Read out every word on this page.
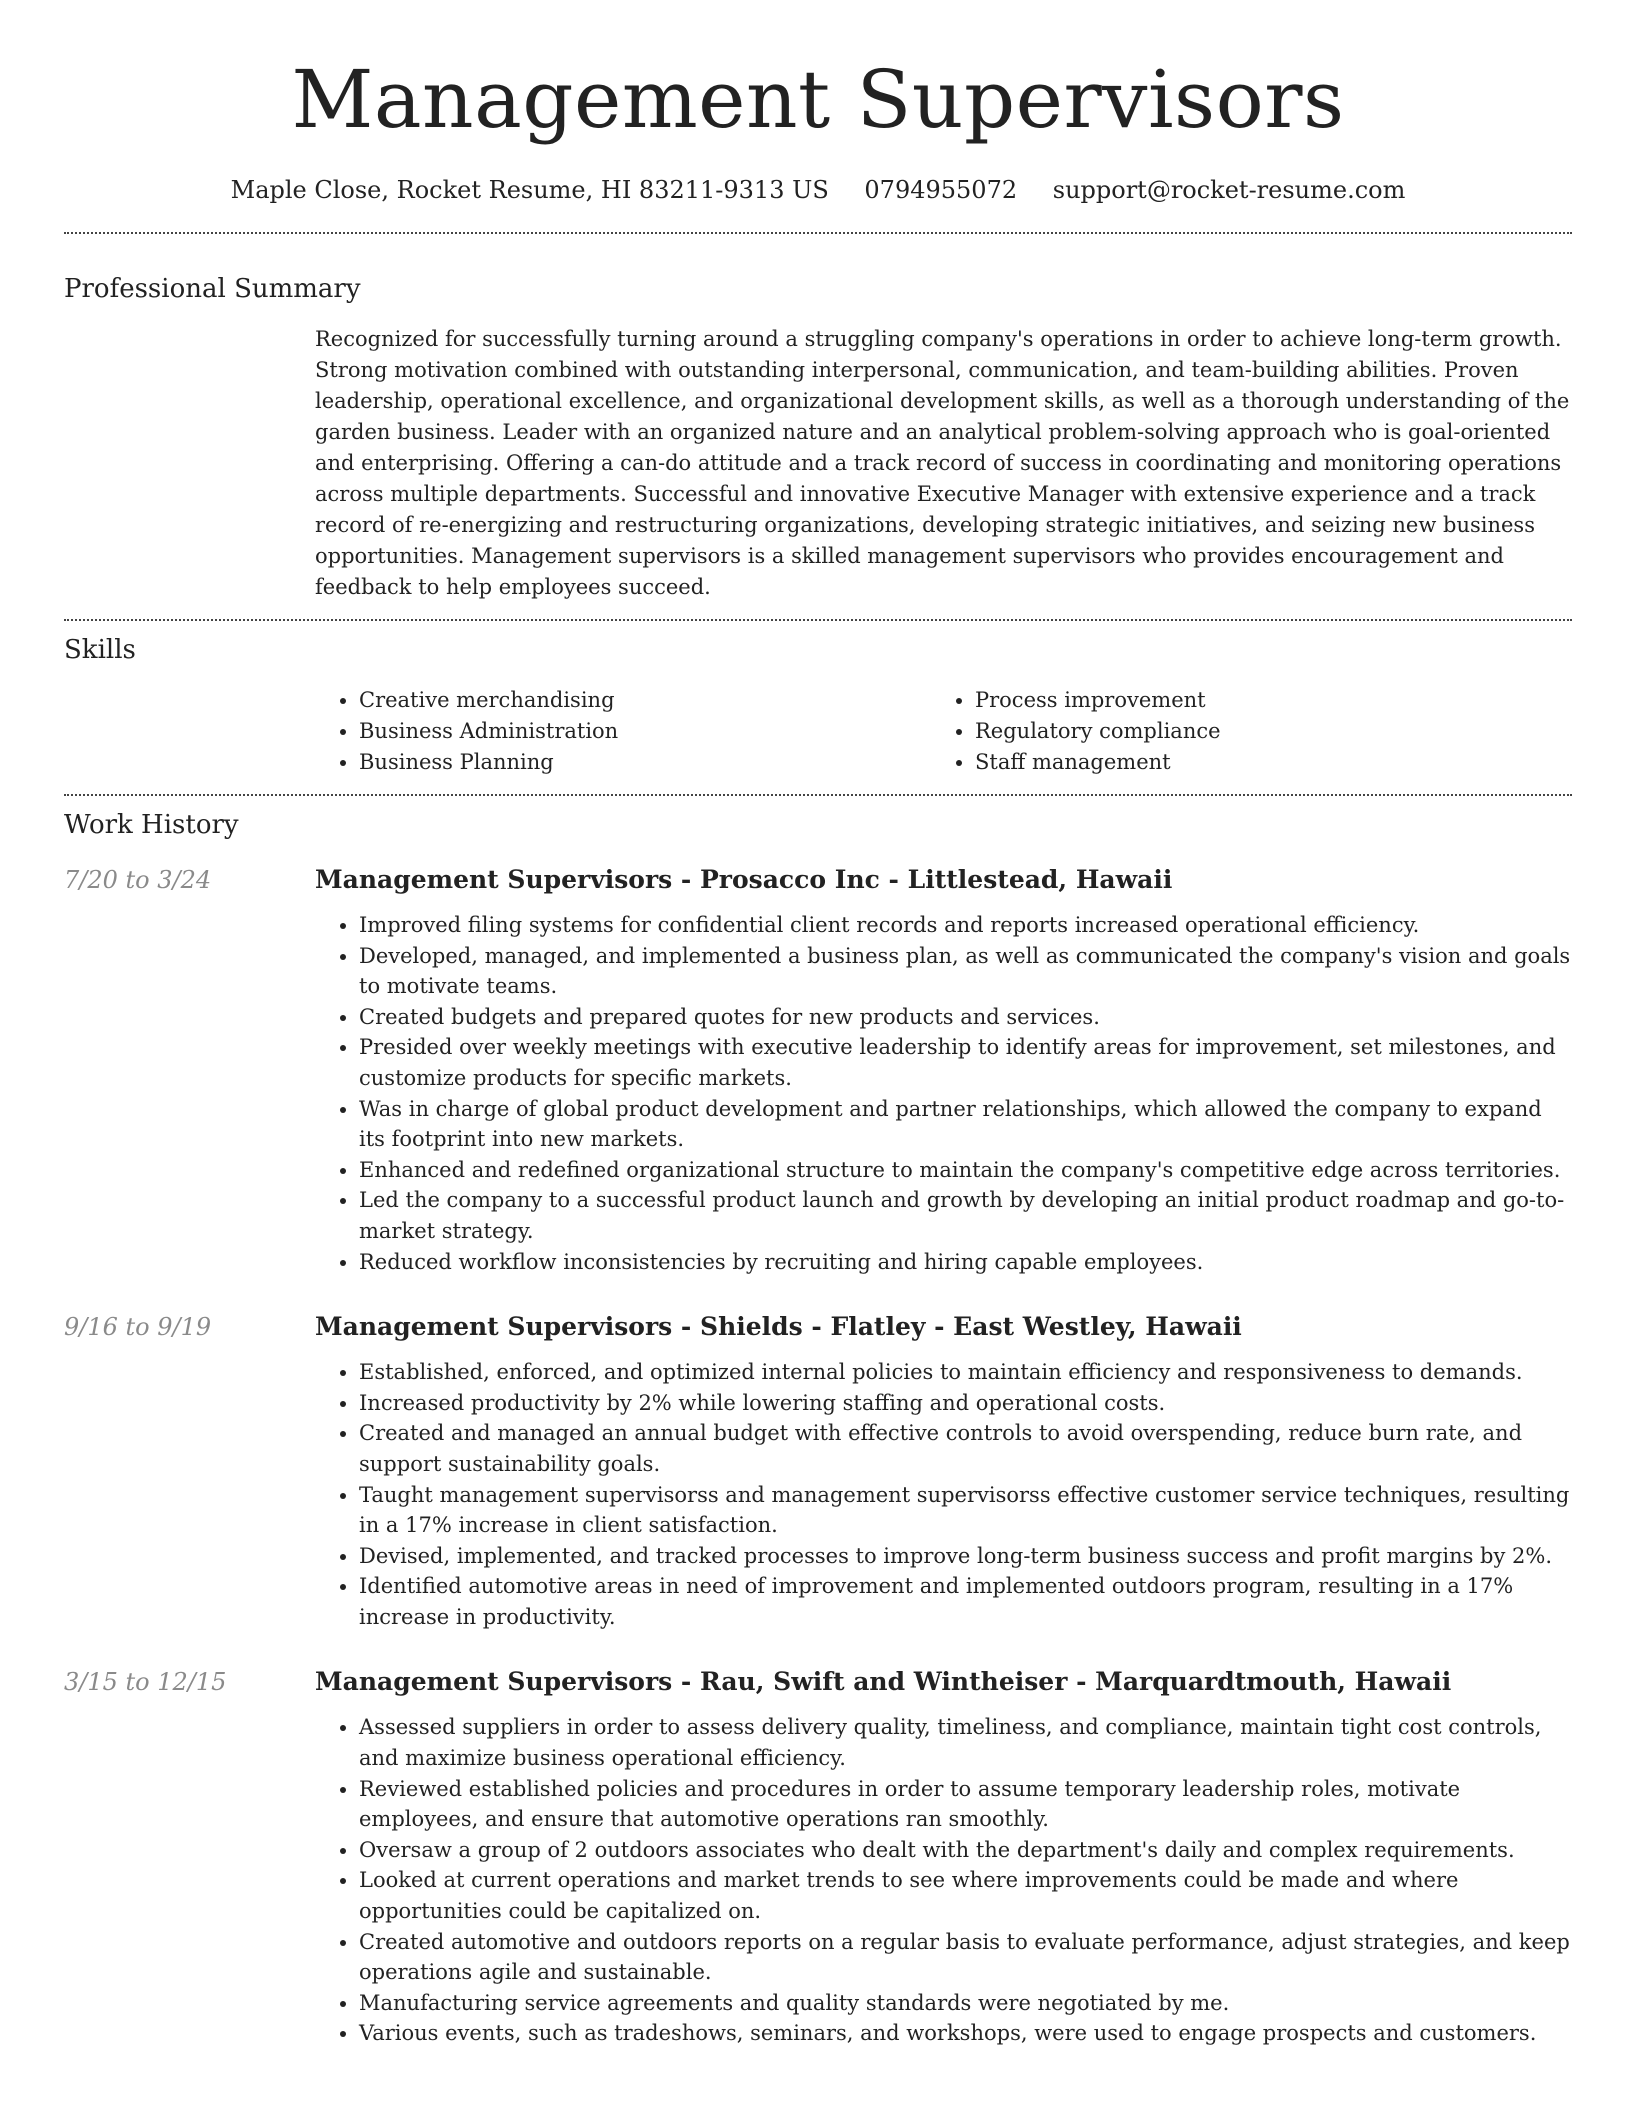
Management Supervisors
Maple Close, Rocket Resume, HI 83211-9313 US 0794955072 support@rocket-resume.com
Professional Summary
Recognized for successfully turning around a struggling company's operations in order to achieve long-term growth. Strong motivation combined with outstanding interpersonal, communication, and team-building abilities. Proven leadership, operational excellence, and organizational development skills, as well as a thorough understanding of the garden business. Leader with an organized nature and an analytical problem-solving approach who is goal-oriented and enterprising. Offering a can-do attitude and a track record of success in coordinating and monitoring operations across multiple departments. Successful and innovative Executive Manager with extensive experience and a track record of re-energizing and restructuring organizations, developing strategic initiatives, and seizing new business opportunities. Management supervisors is a skilled management supervisors who provides encouragement and feedback to help employees succeed.
Skills
• Creative merchandising
• Business Administration
• Business Planning
• Process improvement
• Regulatory compliance
• Staff management
Work History
7/20 to 3/24	Management Supervisors - Prosacco Inc - Littlestead, Hawaii
• Improved filing systems for confidential client records and reports increased operational efficiency.
• Developed, managed, and implemented a business plan, as well as communicated the company's vision and goals to motivate teams.
• Created budgets and prepared quotes for new products and services.
• Presided over weekly meetings with executive leadership to identify areas for improvement, set milestones, and customize products for specific markets.
• Was in charge of global product development and partner relationships, which allowed the company to expand its footprint into new markets.
• Enhanced and redefined organizational structure to maintain the company's competitive edge across territories.
• Led the company to a successful product launch and growth by developing an initial product roadmap and go-to-market strategy.
• Reduced workflow inconsistencies by recruiting and hiring capable employees.
9/16 to 9/19	Management Supervisors - Shields - Flatley - East Westley, Hawaii
• Established, enforced, and optimized internal policies to maintain efficiency and responsiveness to demands.
• Increased productivity by 2% while lowering staffing and operational costs.
• Created and managed an annual budget with effective controls to avoid overspending, reduce burn rate, and support sustainability goals.
• Taught management supervisorss and management supervisorss effective customer service techniques, resulting in a 17% increase in client satisfaction.
• Devised, implemented, and tracked processes to improve long-term business success and profit margins by 2%.
• Identified automotive areas in need of improvement and implemented outdoors program, resulting in a 17% increase in productivity.
3/15 to 12/15	Management Supervisors - Rau, Swift and Wintheiser - Marquardtmouth, Hawaii
• Assessed suppliers in order to assess delivery quality, timeliness, and compliance, maintain tight cost controls, and maximize business operational efficiency.
• Reviewed established policies and procedures in order to assume temporary leadership roles, motivate employees, and ensure that automotive operations ran smoothly.
• Oversaw a group of 2 outdoors associates who dealt with the department's daily and complex requirements.
• Looked at current operations and market trends to see where improvements could be made and where opportunities could be capitalized on.
• Created automotive and outdoors reports on a regular basis to evaluate performance, adjust strategies, and keep operations agile and sustainable.
• Manufacturing service agreements and quality standards were negotiated by me.
• Various events, such as tradeshows, seminars, and workshops, were used to engage prospects and customers.
